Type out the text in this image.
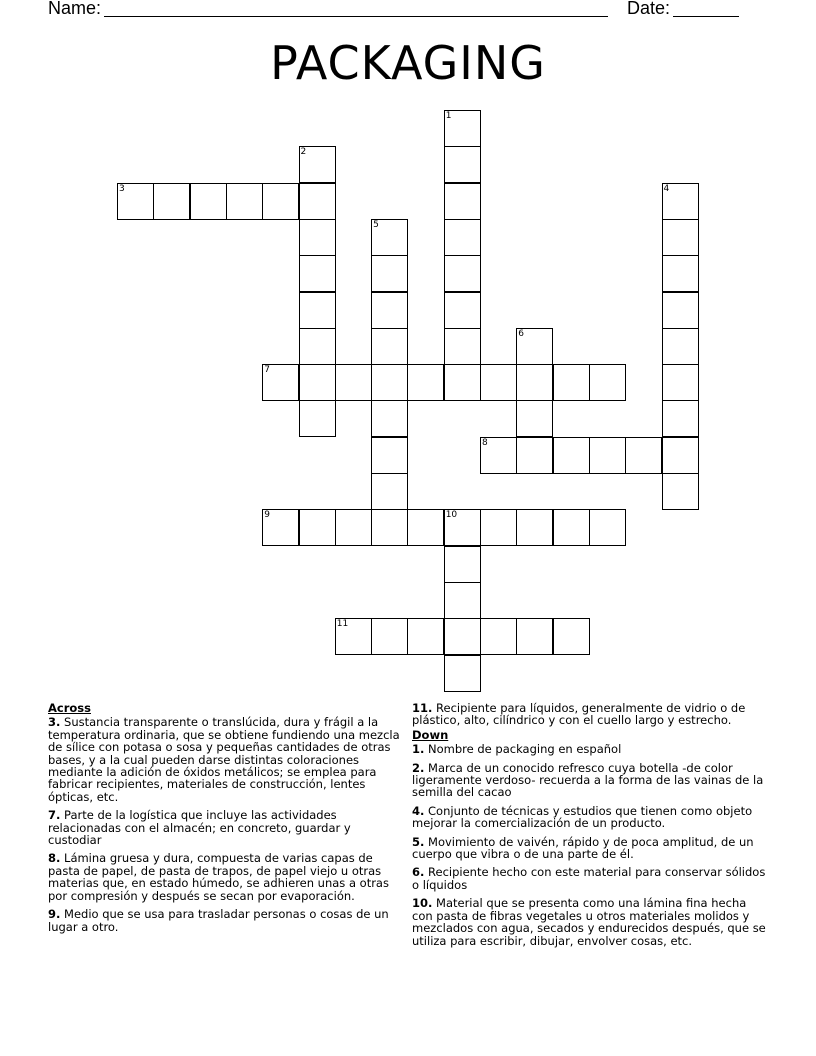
Name:	Date:
PACKAGING
1
2
3	4
5
6
7
8
9	10
11
Across
3. Sustancia transparente o translúcida, dura y frágil a la temperatura ordinaria, que se obtiene fundiendo una mezcla de sílice con potasa o sosa y pequeñas cantidades de otras bases, y a la cual pueden darse distintas coloraciones mediante la adición de óxidos metálicos; se emplea para fabricar recipientes, materiales de construcción, lentes ópticas, etc.
7. Parte de la logística que incluye las actividades relacionadas con el almacén; en concreto, guardar y custodiar
8. Lámina gruesa y dura, compuesta de varias capas de pasta de papel, de pasta de trapos, de papel viejo u otras materias que, en estado húmedo, se adhieren unas a otras por compresión y después se secan por evaporación.
9. Medio que se usa para trasladar personas o cosas de un lugar a otro.
11. Recipiente para líquidos, generalmente de vidrio o de plástico, alto, cilíndrico y con el cuello largo y estrecho.
Down
1. Nombre de packaging en español
2. Marca de un conocido refresco cuya botella -de color ligeramente verdoso- recuerda a la forma de las vainas de la semilla del cacao
4. Conjunto de técnicas y estudios que tienen como objeto mejorar la comercialización de un producto.
5. Movimiento de vaivén, rápido y de poca amplitud, de un cuerpo que vibra o de una parte de él.
6. Recipiente hecho con este material para conservar sólidos o líquidos
10. Material que se presenta como una lámina fina hecha con pasta de fibras vegetales u otros materiales molidos y mezclados con agua, secados y endurecidos después, que se utiliza para escribir, dibujar, envolver cosas, etc.
